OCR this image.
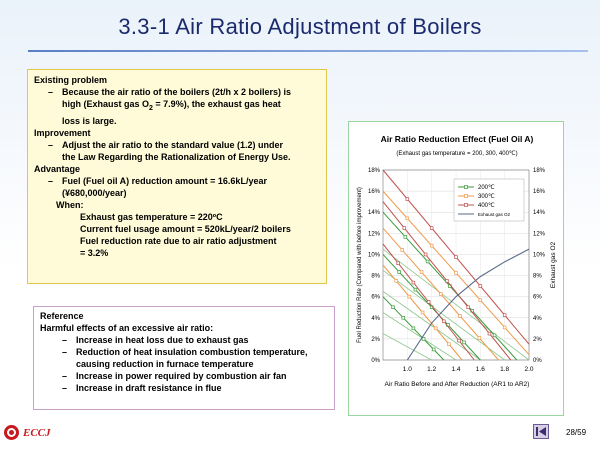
3.3-1 Air Ratio Adjustment of Boilers
Existing problem
– Because the air ratio of the boilers (2t/h x 2 boilers) is
high (Exhaust gas $O_2 = 7.9\%$), the exhaust gas heat
loss is large.
Improvement
– Adjust the air ratio to the standard value (1.2) under
the Law Regarding the Rationalization of Energy Use.
Advantage
– Fuel (Fuel oil A) reduction amount = 16.6kL/year
(¥680,000/year)
When:
Exhaust gas temperature = 220ºC
Current fuel usage amount = 520kL/year/2 boilers
Fuel reduction rate due to air ratio adjustment
= 3.2%
Reference
Harmful effects of an excessive air ratio:
– Increase in heat loss due to exhaust gas
– Reduction of heat insulation combustion temperature,
causing reduction in furnace temperature
– Increase in power required by combustion air fan
– Increase in draft resistance in flue
Air Ratio Reduction Effect (Fuel Oil A)
(Exhaust gas temperature = 200, 300, 400℃)
0%	0%
2%	2%
4%	4%
6%	6%
8%	8%
10%	10%
12%	12%
14%	14%
16%	16%
18%	18%
1.0 1.2 1.4 1.6 1.8 2.0
200℃
300℃
400℃
Exhaust gas O2
Air Ratio Before and After Reduction (AR1 to AR2)
Fuel Reduction Rate (Compared with before improvement)	Exhaust gas O2
ECCJ	28/59
